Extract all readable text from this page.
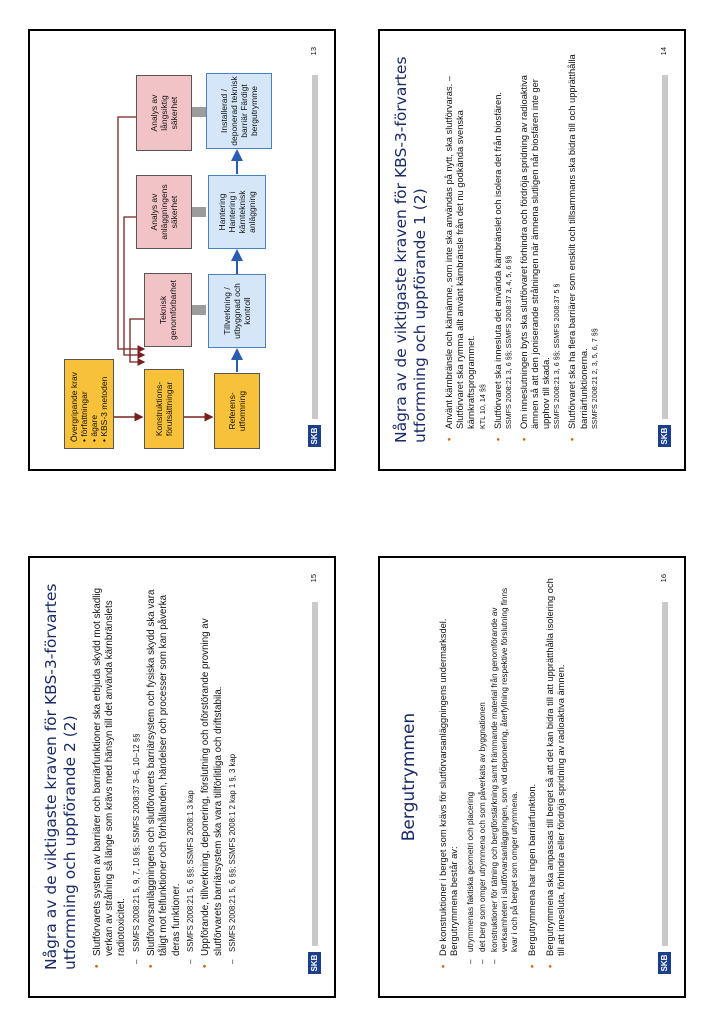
Övergripande krav • författningar • ägare • KBS-3 metoden	Konstruktions-förutsättningar	Referens-utformning
Teknisk genomförbarhet	Tillverkning / utbyggnad och kontroll
Analys av anläggningens säkerhet	Hantering Hantering i kärnteknisk anläggning
Analys av långsiktig säkerhet	Installerad / deponerad teknisk barriär Färdigt bergutrymme
SKB
13
Några av de viktigaste kraven för KBS-3-förvartes utformning och uppförande 1 (2) • Använt kärnbränsle och kärnämne, som inte ska användas på nytt, ska slutförvaras. – Slutförvaret ska rymma allt använt kärnbränsle från det nu godkända svenska kärnkraftsprogrammet. KTL 10, 14 §§ • Slutförvaret ska innesluta det använda kärnbränslet och isolera det från biosfären. SSMFS 2008:21 3, 6 §§; SSMFS 2008:37 3, 4, 5, 6 §§ • Om inneslutningen byts ska slutförvaret förhindra och fördröja spridning av radioaktiva ämnen så att den joniserande strålningen när ämnena slutligen når biosfären inte ger upphov till skada. SSMFS 2008:21 3, 6 §§; SSMFS 2008:37 5 § • Slutförvaret ska ha flera barriärer som enskilt och tillsammans ska bidra till och upprätthålla barriärfunktionerna. SSMFS 2008:21 2, 3, 5, 6, 7 §§
SKB
14
Några av de viktigaste kraven för KBS-3-förvartes utformning och uppförande 2 (2) • Slutförvarets system av barriärer och barriärfunktioner ska erbjuda skydd mot skadlig verkan av strålning så länge som krävs med hänsyn till det använda kärnbränslets radiotoxicitet. – SSMFS 2008:21 5, 9, 7, 10 §§; SSMFS 2008:37 3–6, 10–12 §§ • Slutförvarsanläggningens och slutförvarets barriärsystem och fysiska skydd ska vara tåligt mot felfunktioner och förhållanden, händelser och processer som kan påverka deras funktioner. – SSMFS 2008:21 5, 6 §§; SSMFS 2008:1 3 kap • Uppförande, tillverkning, deponering, förslutning och oförstörande provning av slutförvarets barriärsystem ska vara tillförlitliga och driftstabila. – SSMFS 2008:21 5, 6 §§; SSMFS 2008:1 2 kap 1 §, 3 kap
SKB
15
Bergutrymmen • De konstruktioner i berget som krävs för slutförvarsanläggningens undermarksdel. Bergutrymmena består av: – utrymmenas faktiska geometri och placering – det berg som omger utrymmena och som påverkats av byggnationen – konstruktioner för tätning och bergförstärkning samt främmande material från genomförande av verksamheten i slutförvarsanläggningen, som vid deponering, återfyllning respektive förslutning finns kvar i och på berget som omger utrymmena. • Bergutrymmena har ingen barriärfunktion. • Bergutrymmena ska anpassas till berget så att det kan bidra till att upprätthålla isolering och till att innesluta, förhindra eller fördröja spridning av radioaktiva ämnen.
SKB
16
